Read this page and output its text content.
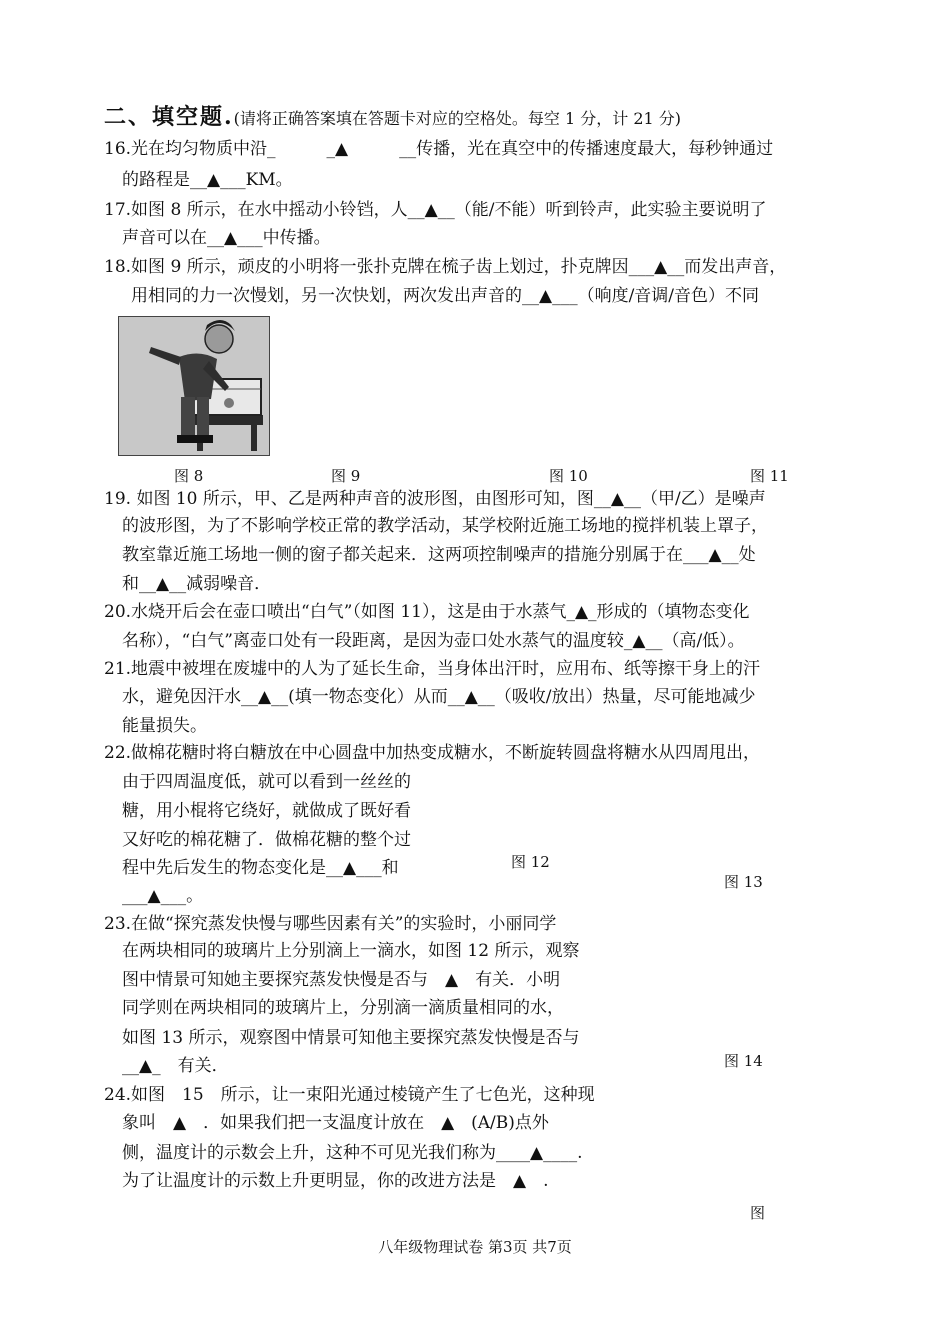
二、填空题.(请将正确答案填在答题卡对应的空格处。每空 1 分，计 21 分)
16.光在均匀物质中沿_　　　_▲　　　__传播，光在真空中的传播速度最大，每秒钟通过
的路程是__▲___KM。
17.如图 8 所示，在水中摇动小铃铛，人__▲__（能/不能）听到铃声，此实验主要说明了
声音可以在__▲___中传播。
18.如图 9 所示，顽皮的小明将一张扑克牌在梳子齿上划过，扑克牌因___▲__而发出声音，
用相同的力一次慢划，另一次快划，两次发出声音的__▲___（响度/音调/音色）不同
图 8	图 9	图 10	图 11
19. 如图 10 所示，甲、乙是两种声音的波形图，由图形可知，图__▲__（甲/乙）是噪声
的波形图，为了不影响学校正常的教学活动，某学校附近施工场地的搅拌机装上罩子，
教室靠近施工场地一侧的窗子都关起来．这两项控制噪声的措施分别属于在___▲__处
和__▲__减弱噪音．
20.水烧开后会在壶口喷出“白气”（如图 11），这是由于水蒸气_▲_形成的（填物态变化
名称），“白气”离壶口处有一段距离，是因为壶口处水蒸气的温度较_▲__（高/低）。
21.地震中被埋在废墟中的人为了延长生命，当身体出汗时，应用布、纸等擦干身上的汗
水，避免因汗水__▲__(填一物态变化）从而__▲__（吸收/放出）热量，尽可能地减少
能量损失。
22.做棉花糖时将白糖放在中心圆盘中加热变成糖水，不断旋转圆盘将糖水从四周甩出，
由于四周温度低，就可以看到一丝丝的
糖，用小棍将它绕好，就做成了既好看
又好吃的棉花糖了．做棉花糖的整个过
程中先后发生的物态变化是__▲___和
___▲___。
图 12
图 13
23.在做“探究蒸发快慢与哪些因素有关”的实验时，小丽同学
在两块相同的玻璃片上分别滴上一滴水，如图 12 所示，观察
图中情景可知她主要探究蒸发快慢是否与　▲　有关．小明
同学则在两块相同的玻璃片上，分别滴一滴质量相同的水，
如图 13 所示，观察图中情景可知他主要探究蒸发快慢是否与
__▲_　有关．	图 14
24.如图　15　所示，让一束阳光通过棱镜产生了七色光，这种现
象叫　▲　．如果我们把一支温度计放在　▲　(A/B)点外
侧，温度计的示数会上升，这种不可见光我们称为____▲____.
为了让温度计的示数上升更明显，你的改进方法是　▲　.
图
八年级物理试卷 第3页 共7页
